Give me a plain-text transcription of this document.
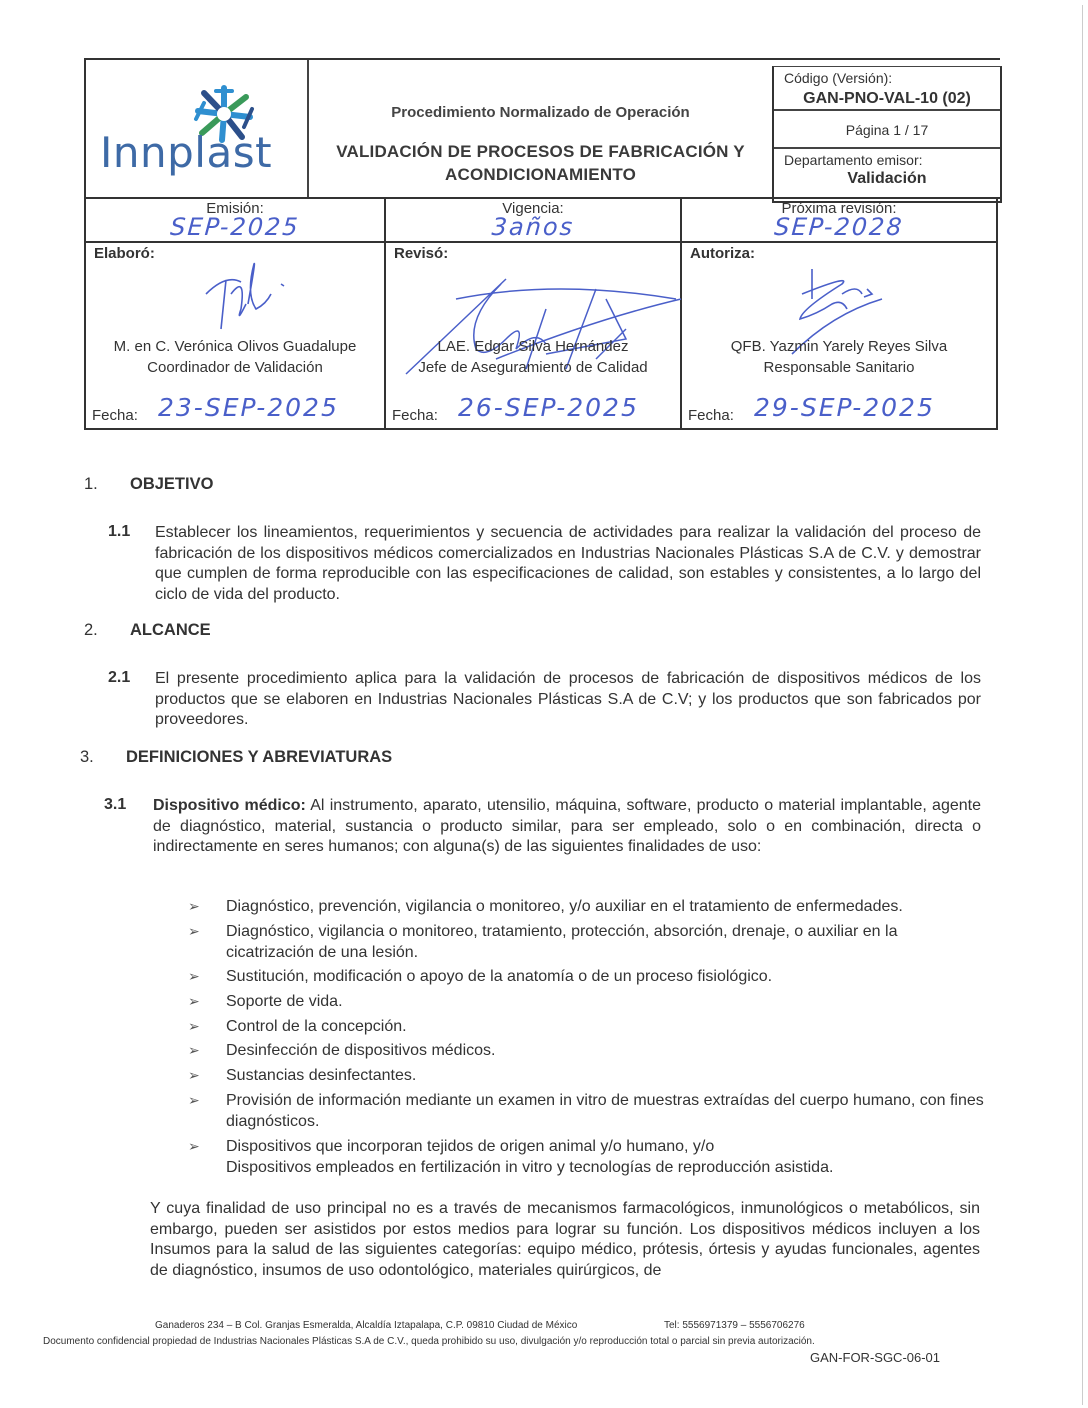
Innplast
Procedimiento Normalizado de Operación
VALIDACIÓN DE PROCESOS DE FABRICACIÓN Y
ACONDICIONAMIENTO
Código (Versión):
GAN-PNO-VAL-10 (02)
Página 1 / 17
Departamento emisor:
Validación
Emisión:
SEP-2025
Elaboró:
M. en C. Verónica Olivos Guadalupe
Coordinador de Validación
Fecha: 23-SEP-2025
Vigencia:
3años
Revisó:
LAE. Edgar Silva Hernández
Jefe de Aseguramiento de Calidad
Fecha: 26-SEP-2025
Próxima revisión:
SEP-2028
Autoriza:
QFB. Yazmin Yarely Reyes Silva
Responsable Sanitario
Fecha: 29-SEP-2025
1. OBJETIVO
1.1 Establecer los lineamientos, requerimientos y secuencia de actividades para realizar la validación del proceso de fabricación de los dispositivos médicos comercializados en Industrias Nacionales Plásticas S.A de C.V. y demostrar que cumplen de forma reproducible con las especificaciones de calidad, son estables y consistentes, a lo largo del ciclo de vida del producto.
2. ALCANCE
2.1 El presente procedimiento aplica para la validación de procesos de fabricación de dispositivos médicos de los productos que se elaboren en Industrias Nacionales Plásticas S.A de C.V; y los productos que son fabricados por proveedores.
3. DEFINICIONES Y ABREVIATURAS
3.1 Dispositivo médico: Al instrumento, aparato, utensilio, máquina, software, producto o material implantable, agente de diagnóstico, material, sustancia o producto similar, para ser empleado, solo o en combinación, directa o indirectamente en seres humanos; con alguna(s) de las siguientes finalidades de uso:
➢ Diagnóstico, prevención, vigilancia o monitoreo, y/o auxiliar en el tratamiento de enfermedades.
➢ Diagnóstico, vigilancia o monitoreo, tratamiento, protección, absorción, drenaje, o auxiliar en la cicatrización de una lesión.
➢ Sustitución, modificación o apoyo de la anatomía o de un proceso fisiológico.
➢ Soporte de vida.
➢ Control de la concepción.
➢ Desinfección de dispositivos médicos.
➢ Sustancias desinfectantes.
➢ Provisión de información mediante un examen in vitro de muestras extraídas del cuerpo humano, con fines diagnósticos.
➢ Dispositivos que incorporan tejidos de origen animal y/o humano, y/o
Dispositivos empleados en fertilización in vitro y tecnologías de reproducción asistida.
Y cuya finalidad de uso principal no es a través de mecanismos farmacológicos, inmunológicos o metabólicos, sin embargo, pueden ser asistidos por estos medios para lograr su función. Los dispositivos médicos incluyen a los Insumos para la salud de las siguientes categorías: equipo médico, prótesis, órtesis y ayudas funcionales, agentes de diagnóstico, insumos de uso odontológico, materiales quirúrgicos, de
Ganaderos 234 – B Col. Granjas Esmeralda, Alcaldía Iztapalapa, C.P. 09810 Ciudad de México	Tel: 5556971379 – 5556706276
Documento confidencial propiedad de Industrias Nacionales Plásticas S.A de C.V., queda prohibido su uso, divulgación y/o reproducción total o parcial sin previa autorización.
GAN-FOR-SGC-06-01
